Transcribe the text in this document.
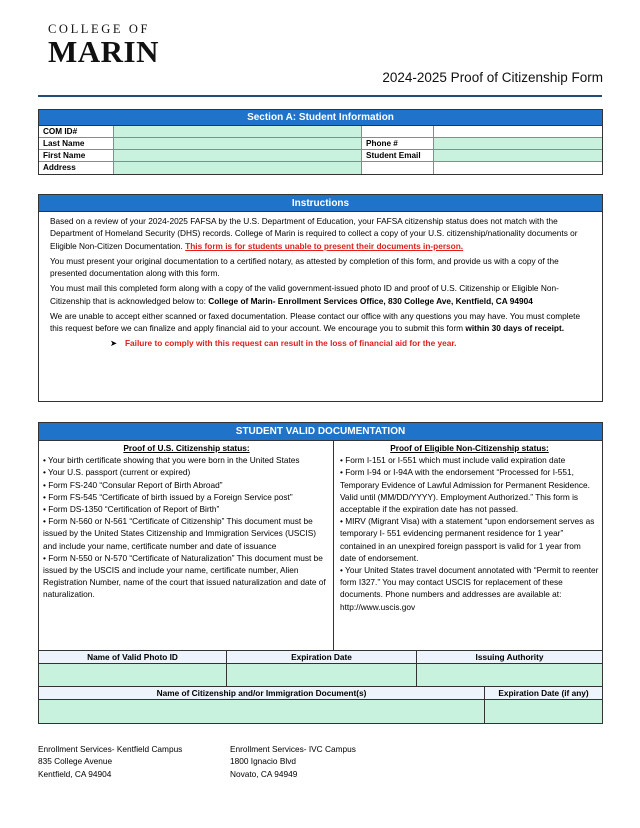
COLLEGE OF
MARIN
2024-2025 Proof of Citizenship Form
Section A: Student Information
COM ID#
Last Name	Phone #
First Name	Student Email
Address
Instructions

Based on a review of your 2024-2025 FAFSA by the U.S. Department of Education, your FAFSA citizenship status does not match with the Department of Homeland Security (DHS) records. College of Marin is required to collect a copy of your U.S. citizenship/nationality documents or Eligible Non-Citizen Documentation. This form is for students unable to present their documents in-person.

You must present your original documentation to a certified notary, as attested by completion of this form, and provide us with a copy of the presented documentation along with this form.

You must mail this completed form along with a copy of the valid government-issued photo ID and proof of U.S. Citizenship or Eligible Non-Citizenship that is acknowledged below to: College of Marin- Enrollment Services Office, 830 College Ave, Kentfield, CA 94904

We are unable to accept either scanned or faxed documentation. Please contact our office with any questions you may have. You must complete this request before we can finalize and apply financial aid to your account. We encourage you to submit this form within 30 days of receipt.

➤ Failure to comply with this request can result in the loss of financial aid for the year.
STUDENT VALID DOCUMENTATION
Proof of U.S. Citizenship status:
• Your birth certificate showing that you were born in the United States
• Your U.S. passport (current or expired)
• Form FS-240 “Consular Report of Birth Abroad”
• Form FS-545 “Certificate of birth issued by a Foreign Service post”
• Form DS-1350 “Certification of Report of Birth”
• Form N-560 or N-561 “Certificate of Citizenship” This document must be issued by the United States Citizenship and Immigration Services (USCIS) and include your name, certificate number and date of issuance
• Form N-550 or N-570 “Certificate of Naturalization” This document must be issued by the USCIS and include your name, certificate number, Alien Registration Number, name of the court that issued naturalization and date of naturalization.
Proof of Eligible Non-Citizenship status:
• Form I-151 or I-551 which must include valid expiration date
• Form I-94 or I-94A with the endorsement “Processed for I-551, Temporary Evidence of Lawful Admission for Permanent Residence. Valid until (MM/DD/YYYY). Employment Authorized.” This form is acceptable if the expiration date has not passed.
• MIRV (Migrant Visa) with a statement “upon endorsement serves as temporary I- 551 evidencing permanent residence for 1 year” contained in an unexpired foreign passport is valid for 1 year from date of endorsement.
• Your United States travel document annotated with “Permit to reenter form I327.” You may contact USCIS for replacement of these documents. Phone numbers and addresses are available at: http://www.uscis.gov
Name of Valid Photo ID	Expiration Date	Issuing Authority
Name of Citizenship and/or Immigration Document(s)	Expiration Date (if any)
Enrollment Services- Kentfield Campus
835 College Avenue
Kentfield, CA 94904
Enrollment Services- IVC Campus
1800 Ignacio Blvd
Novato, CA 94949
